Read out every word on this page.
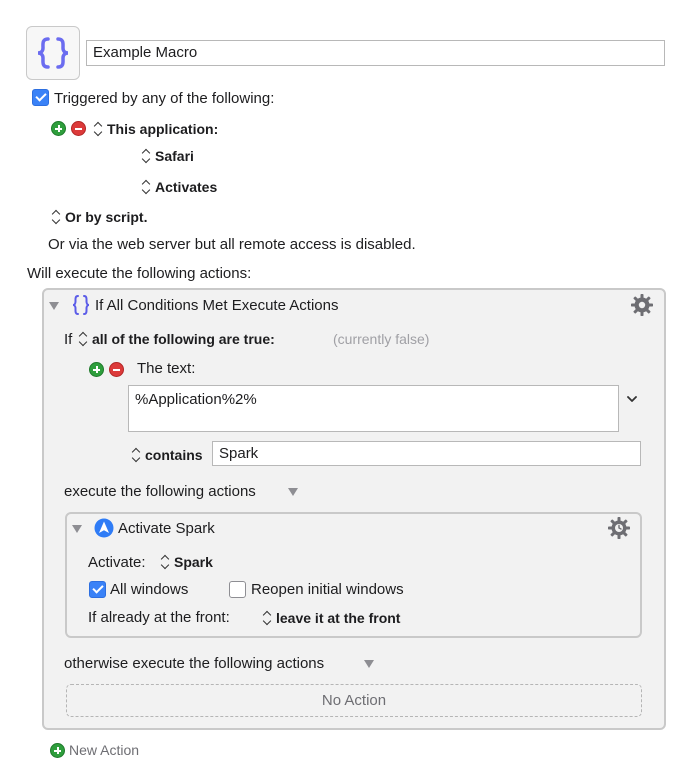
Example Macro
Triggered by any of the following:
This application:
Safari
Activates
Or by script.
Or via the web server but all remote access is disabled.
Will execute the following actions:
If All Conditions Met Execute Actions
If	all of the following are true:	(currently false)
The text:
%Application%2%
contains	Spark
execute the following actions
Activate Spark
Activate:	Spark
All windows	Reopen initial windows
If already at the front:	leave it at the front
otherwise execute the following actions
No Action
New Action
